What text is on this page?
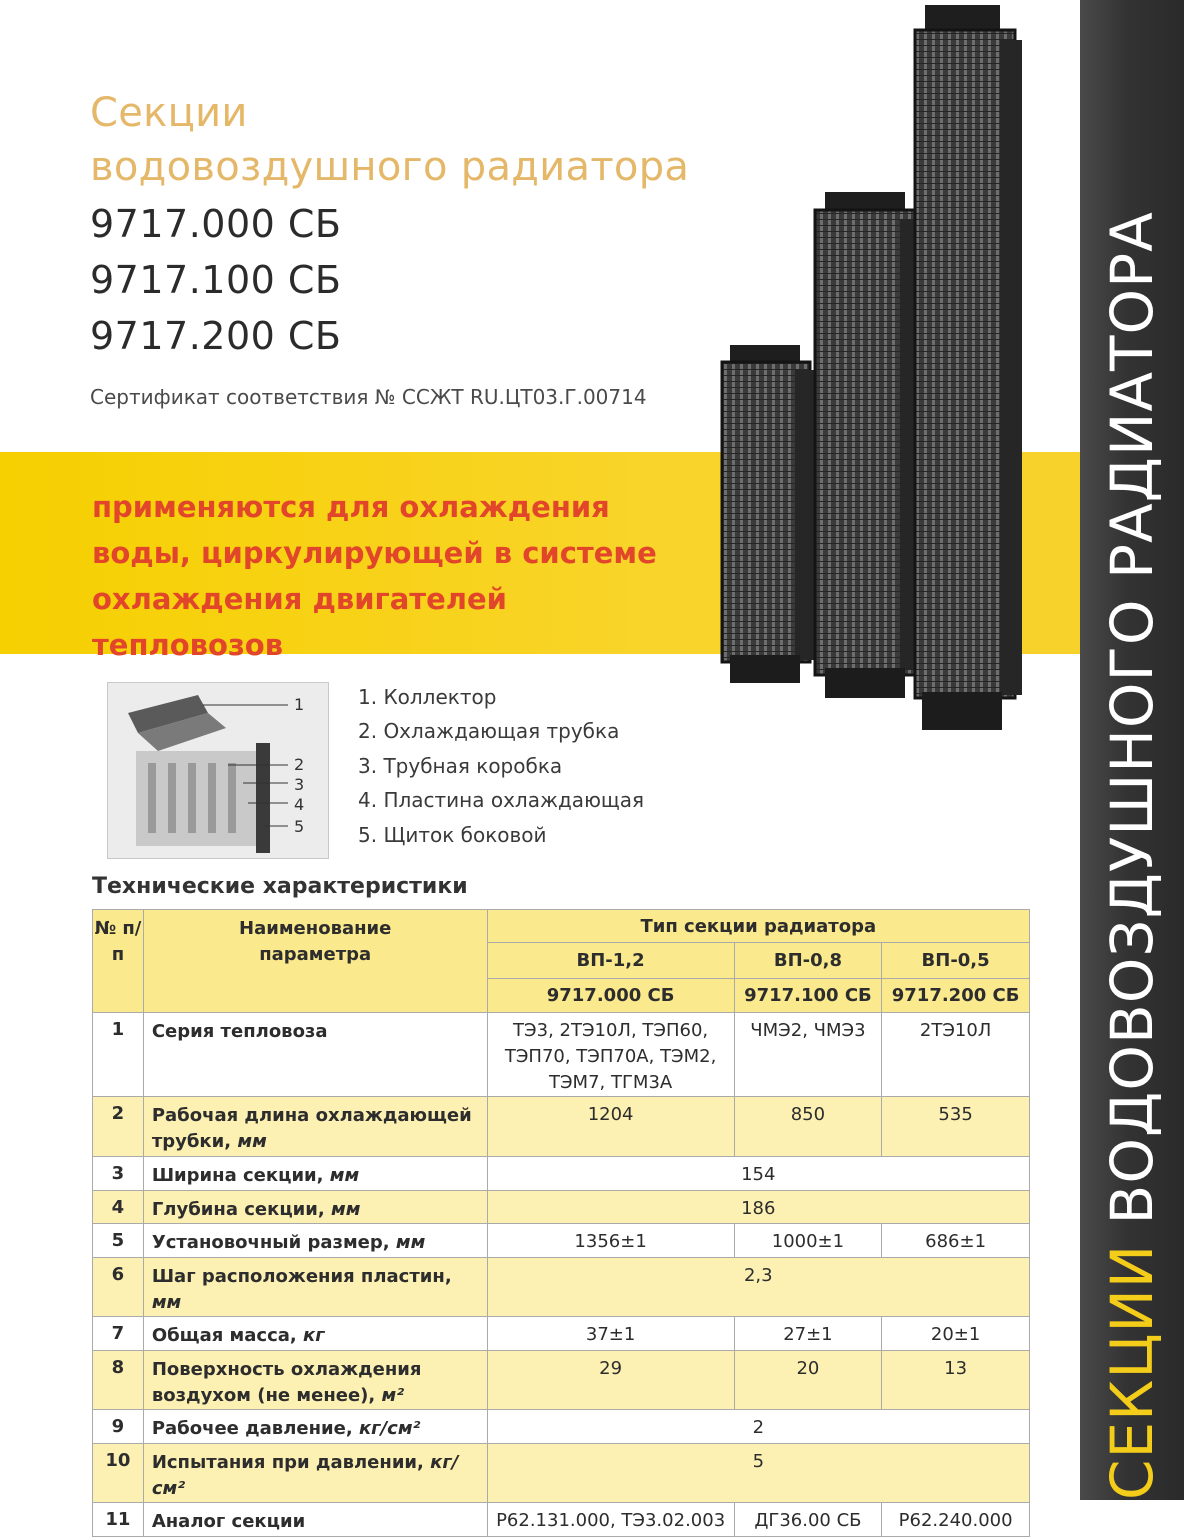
СЕКЦИИ ВОДОВОЗДУШНОГО РАДИАТОРА
Секции
водовоздушного радиатора
9717.000 СБ
9717.100 СБ
9717.200 СБ
Сертификат соответствия № ССЖТ RU.ЦТ03.Г.00714

применяются для охлаждения воды, циркулирующей в системе охлаждения двигателей тепловозов

1
2
3
4
5
1. Коллектор
2. Охлаждающая трубка
3. Трубная коробка
4. Пластина охлаждающая
5. Щиток боковой
Технические характеристики
№ п/п	Наименование параметра	Тип секции радиатора		
		ВП-1,2	ВП-0,8	ВП-0,5
		9717.000 СБ	9717.100 СБ	9717.200 СБ
1	Серия тепловоза	ТЭ3, 2ТЭ10Л, ТЭП60, ТЭП70, ТЭП70А, ТЭМ2, ТЭМ7, ТГМ3А	ЧМЭ2, ЧМЭ3	2ТЭ10Л
2	Рабочая длина охлаждающей трубки, мм	1204	850	535
3	Ширина секции, мм	154		
4	Глубина секции, мм	186		
5	Установочный размер, мм	1356±1	1000±1	686±1
6	Шаг расположения пластин, мм	2,3		
7	Общая масса, кг	37±1	27±1	20±1
8	Поверхность охлаждения воздухом (не менее), м²	29	20	13
9	Рабочее давление, кг/см²	2		
10	Испытания при давлении, кг/см²	5		
11	Аналог секции	Р62.131.000, ТЭ3.02.003	ДГ36.00 СБ	Р62.240.000
